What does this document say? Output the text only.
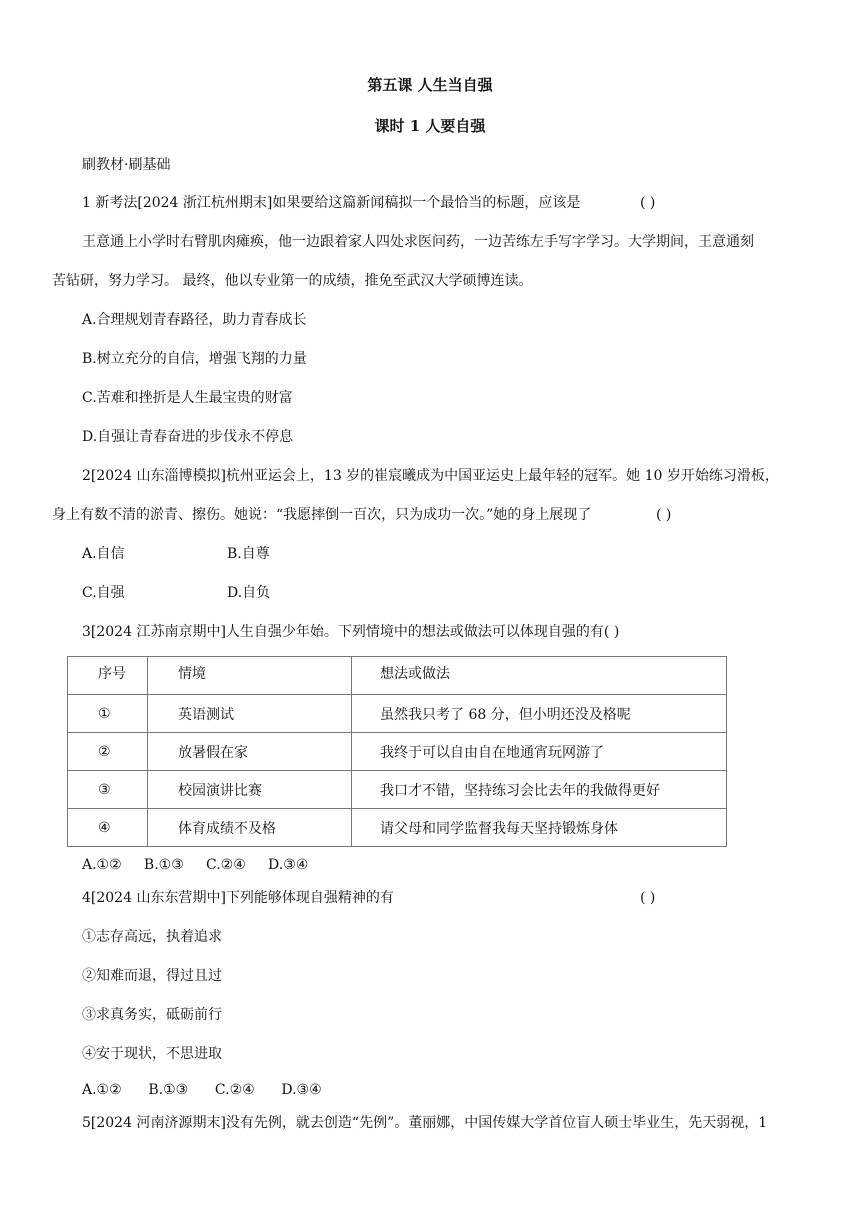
第五课 人生当自强
课时 1 人要自强
刷教材·刷基础
1 新考法[2024 浙江杭州期末]如果要给这篇新闻稿拟一个最恰当的标题，应该是	( )
王意通上小学时右臂肌肉瘫痪，他一边跟着家人四处求医问药，一边苦练左手写字学习。大学期间，王意通刻
苦钻研，努力学习。 最终，他以专业第一的成绩，推免至武汉大学硕博连读。
A.合理规划青春路径，助力青春成长
B.树立充分的自信，增强飞翔的力量
C.苦难和挫折是人生最宝贵的财富
D.自强让青春奋进的步伐永不停息
2[2024 山东淄博模拟]杭州亚运会上，13 岁的崔宸曦成为中国亚运史上最年轻的冠军。她 10 岁开始练习滑板，
身上有数不清的淤青、擦伤。她说：“我愿摔倒一百次，只为成功一次。”她的身上展现了	( )
A.自信	B.自尊
C.自强	D.自负
3[2024 江苏南京期中]人生自强少年始。下列情境中的想法或做法可以体现自强的有( )
序号	情境	想法或做法
①	英语测试	虽然我只考了 68 分，但小明还没及格呢
②	放暑假在家	我终于可以自由自在地通宵玩网游了
③	校园演讲比赛	我口才不错，坚持练习会比去年的我做得更好
④	体育成绩不及格	请父母和同学监督我每天坚持锻炼身体
A.①②     B.①③     C.②④     D.③④
4[2024 山东东营期中]下列能够体现自强精神的有	( )
①志存高远，执着追求
②知难而退，得过且过
③求真务实，砥砺前行
④安于现状，不思进取
A.①②      B.①③      C.②④      D.③④
5[2024 河南济源期末]没有先例，就去创造“先例”。董丽娜，中国传媒大学首位盲人硕士毕业生，先天弱视，1
